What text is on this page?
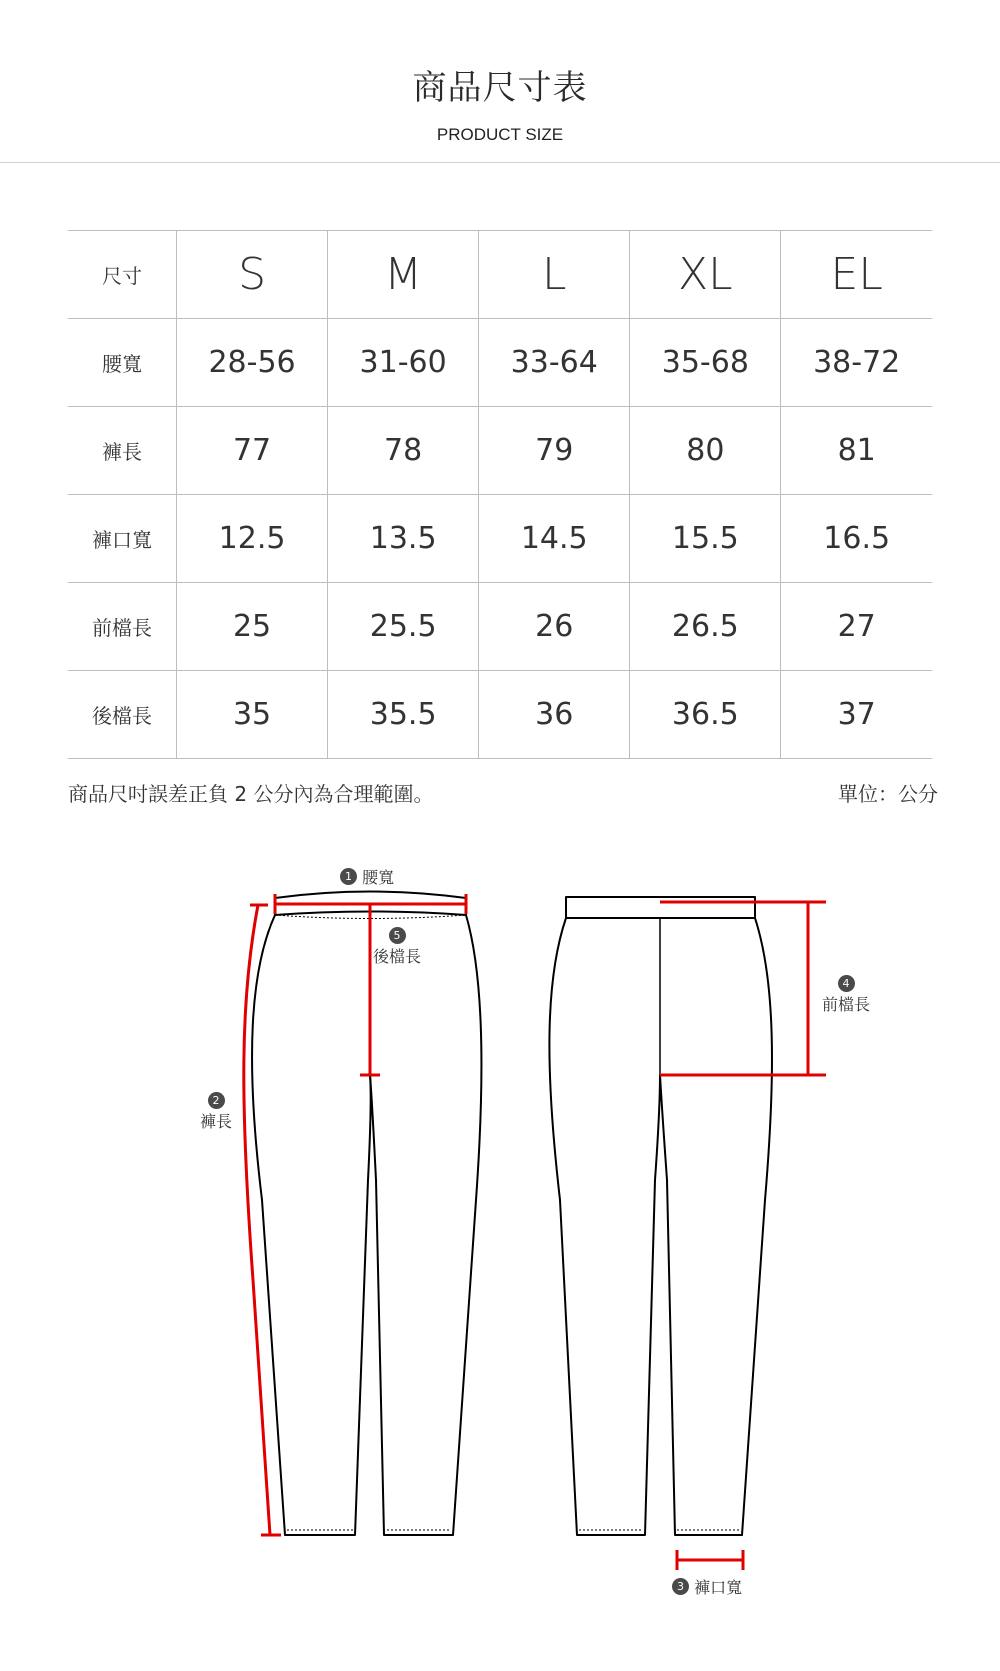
商品尺寸表
PRODUCT SIZE
尺寸	S	M	L	XL	EL
腰寬	28-56	31-60	33-64	35-68	38-72
褲長	77	78	79	80	81
褲口寬	12.5	13.5	14.5	15.5	16.5
前檔長	25	25.5	26	26.5	27
後檔長	35	35.5	36	36.5	37
商品尺吋誤差正負 2 公分內為合理範圍。	單位：公分
1 腰寬
5
後檔長
2
褲長
4
前檔長
3 褲口寬
